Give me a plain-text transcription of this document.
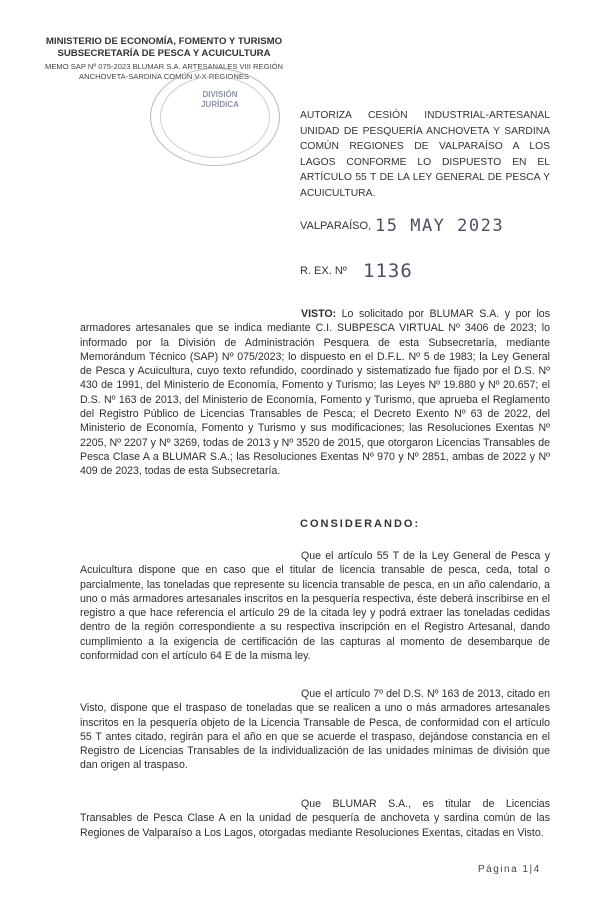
MINISTERIO DE ECONOMÍA, FOMENTO Y TURISMO
SUBSECRETARÍA DE PESCA Y ACUICULTURA
MEMO SAP Nº 075-2023 BLUMAR S.A. ARTESANALES VIII REGIÓN
ANCHOVETA-SARDINA COMÚN V-X REGIONES
DIVISIÓN
JURÍDICA
AUTORIZA CESIÓN INDUSTRIAL-ARTESANAL UNIDAD DE PESQUERÍA ANCHOVETA Y SARDINA COMÚN REGIONES DE VALPARAÍSO A LOS LAGOS CONFORME LO DISPUESTO EN EL ARTÍCULO 55 T DE LA LEY GENERAL DE PESCA Y ACUICULTURA.
VALPARAÍSO, 15 MAY 2023
R. EX. Nº 1136
VISTO: Lo solicitado por BLUMAR S.A. y por los armadores artesanales que se indica mediante C.I. SUBPESCA VIRTUAL Nº 3406 de 2023; lo informado por la División de Administración Pesquera de esta Subsecretaría, mediante Memorándum Técnico (SAP) Nº 075/2023; lo dispuesto en el D.F.L. Nº 5 de 1983; la Ley General de Pesca y Acuicultura, cuyo texto refundido, coordinado y sistematizado fue fijado por el D.S. Nº 430 de 1991, del Ministerio de Economía, Fomento y Turismo; las Leyes Nº 19.880 y Nº 20.657; el D.S. Nº 163 de 2013, del Ministerio de Economía, Fomento y Turismo, que aprueba el Reglamento del Registro Público de Licencias Transables de Pesca; el Decreto Exento Nº 63 de 2022, del Ministerio de Economía, Fomento y Turismo y sus modificaciones; las Resoluciones Exentas Nº 2205, Nº 2207 y Nº 3269, todas de 2013 y Nº 3520 de 2015, que otorgaron Licencias Transables de Pesca Clase A a BLUMAR S.A.; las Resoluciones Exentas Nº 970 y Nº 2851, ambas de 2022 y Nº 409 de 2023, todas de esta Subsecretaría.
CONSIDERANDO:
Que el artículo 55 T de la Ley General de Pesca y Acuicultura dispone que en caso que el titular de licencia transable de pesca, ceda, total o parcialmente, las toneladas que represente su licencia transable de pesca, en un año calendario, a uno o más armadores artesanales inscritos en la pesquería respectiva, éste deberá inscribirse en el registro a que hace referencia el artículo 29 de la citada ley y podrá extraer las toneladas cedidas dentro de la región correspondiente a su respectiva inscripción en el Registro Artesanal, dando cumplimiento a la exigencia de certificación de las capturas al momento de desembarque de conformidad con el artículo 64 E de la misma ley.
Que el artículo 7º del D.S. Nº 163 de 2013, citado en Visto, dispone que el traspaso de toneladas que se realicen a uno o más armadores artesanales inscritos en la pesquería objeto de la Licencia Transable de Pesca, de conformidad con el artículo 55 T antes citado, regirán para el año en que se acuerde el traspaso, dejándose constancia en el Registro de Licencias Transables de la individualización de las unidades mínimas de división que dan origen al traspaso.
Que BLUMAR S.A., es titular de Licencias Transables de Pesca Clase A en la unidad de pesquería de anchoveta y sardina común de las Regiones de Valparaíso a Los Lagos, otorgadas mediante Resoluciones Exentas, citadas en Visto.
Página 1|4
